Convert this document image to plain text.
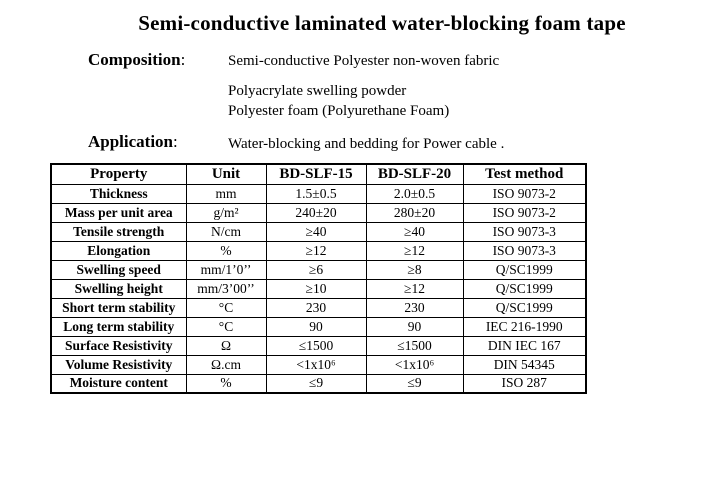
Semi-conductive laminated water-blocking foam tape
Composition:	Semi-conductive Polyester non-woven fabric
Polyacrylate swelling powder
Polyester foam (Polyurethane Foam)
Application:	Water-blocking and bedding for Power cable .
Property	Unit	BD-SLF-15	BD-SLF-20	Test method
Thickness	mm	1.5±0.5	2.0±0.5	ISO 9073-2
Mass per unit area	g/m²	240±20	280±20	ISO 9073-2
Tensile strength	N/cm	≥40	≥40	ISO 9073-3
Elongation	%	≥12	≥12	ISO 9073-3
Swelling speed	mm/1’0’’	≥6	≥8	Q/SC1999
Swelling height	mm/3’00’’	≥10	≥12	Q/SC1999
Short term stability	°C	230	230	Q/SC1999
Long term stability	°C	90	90	IEC 216-1990
Surface Resistivity	Ω	≤1500	≤1500	DIN IEC 167
Volume Resistivity	Ω.cm	<1x10⁶	<1x10⁶	DIN 54345
Moisture content	%	≤9	≤9	ISO 287
